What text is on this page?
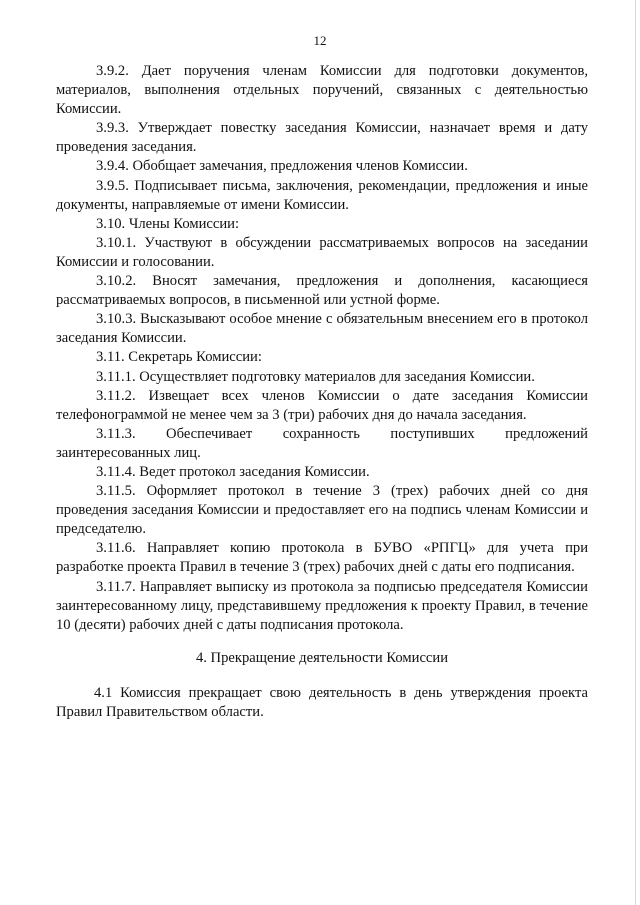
12

3.9.2. Дает поручения членам Комиссии для подготовки документов, материалов, выполнения отдельных поручений, связанных с деятельностью Комиссии.

3.9.3. Утверждает повестку заседания Комиссии, назначает время и дату проведения заседания.

3.9.4. Обобщает замечания, предложения членов Комиссии.

3.9.5. Подписывает письма, заключения, рекомендации, предложения и иные документы, направляемые от имени Комиссии.

3.10. Члены Комиссии:

3.10.1. Участвуют в обсуждении рассматриваемых вопросов на заседании Комиссии и голосовании.

3.10.2. Вносят замечания, предложения и дополнения, касающиеся рассматриваемых вопросов, в письменной или устной форме.

3.10.3. Высказывают особое мнение с обязательным внесением его в протокол заседания Комиссии.

3.11. Секретарь Комиссии:

3.11.1. Осуществляет подготовку материалов для заседания Комиссии.

3.11.2. Извещает всех членов Комиссии о дате заседания Комиссии телефонограммой не менее чем за 3 (три) рабочих дня до начала заседания.

3.11.3. Обеспечивает сохранность поступивших предложений заинтересованных лиц.

3.11.4. Ведет протокол заседания Комиссии.

3.11.5. Оформляет протокол в течение 3 (трех) рабочих дней со дня проведения заседания Комиссии и предоставляет его на подпись членам Комиссии и председателю.

3.11.6. Направляет копию протокола в БУВО «РПГЦ» для учета при разработке проекта Правил в течение 3 (трех) рабочих дней с даты его подписания.

3.11.7. Направляет выписку из протокола за подписью председателя Комиссии заинтересованному лицу, представившему предложения к проекту Правил, в течение 10 (десяти) рабочих дней с даты подписания протокола.

4. Прекращение деятельности Комиссии

4.1 Комиссия прекращает свою деятельность в день утверждения проекта Правил Правительством области.
